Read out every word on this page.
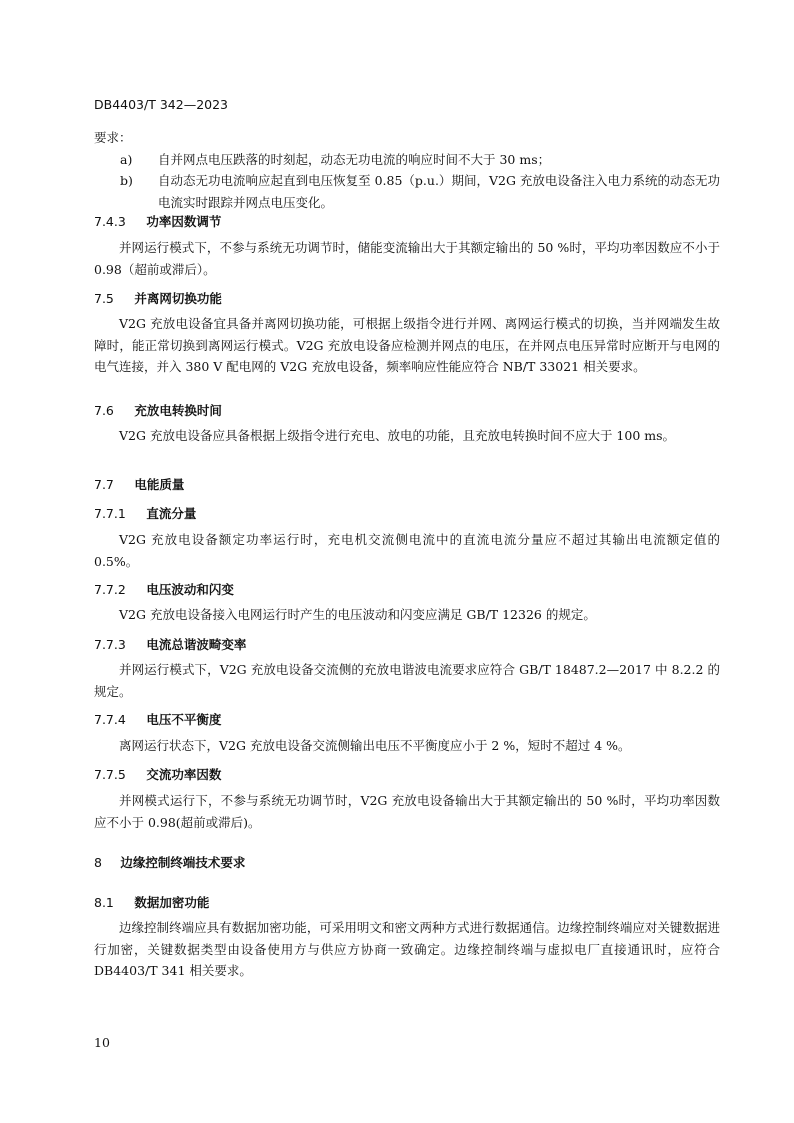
DB4403/T 342—2023

要求：

a)	自并网点电压跌落的时刻起，动态无功电流的响应时间不大于 30 ms；
b)	自动态无功电流响应起直到电压恢复至 0.85（p.u.）期间，V2G 充放电设备注入电力系统的动态无功电流实时跟踪并网点电压变化。
7.4.3 功率因数调节

并网运行模式下，不参与系统无功调节时，储能变流输出大于其额定输出的 50 %时，平均功率因数应不小于 0.98（超前或滞后）。

7.5 并离网切换功能

V2G 充放电设备宜具备并离网切换功能，可根据上级指令进行并网、离网运行模式的切换，当并网端发生故障时，能正常切换到离网运行模式。V2G 充放电设备应检测并网点的电压，在并网点电压异常时应断开与电网的电气连接，并入 380 V 配电网的 V2G 充放电设备，频率响应性能应符合 NB/T 33021 相关要求。

7.6 充放电转换时间

V2G 充放电设备应具备根据上级指令进行充电、放电的功能，且充放电转换时间不应大于 100 ms。

7.7 电能质量
7.7.1 直流分量

V2G 充放电设备额定功率运行时，充电机交流侧电流中的直流电流分量应不超过其输出电流额定值的 0.5%。

7.7.2 电压波动和闪变

V2G 充放电设备接入电网运行时产生的电压波动和闪变应满足 GB/T 12326 的规定。

7.7.3 电流总谐波畸变率

并网运行模式下，V2G 充放电设备交流侧的充放电谐波电流要求应符合 GB/T 18487.2—2017 中 8.2.2 的规定。

7.7.4 电压不平衡度

离网运行状态下，V2G 充放电设备交流侧输出电压不平衡度应小于 2 %，短时不超过 4 %。

7.7.5 交流功率因数

并网模式运行下，不参与系统无功调节时，V2G 充放电设备输出大于其额定输出的 50 %时，平均功率因数应不小于 0.98(超前或滞后)。

8 边缘控制终端技术要求
8.1 数据加密功能

边缘控制终端应具有数据加密功能，可采用明文和密文两种方式进行数据通信。边缘控制终端应对关键数据进行加密，关键数据类型由设备使用方与供应方协商一致确定。边缘控制终端与虚拟电厂直接通讯时，应符合 DB4403/T 341 相关要求。

10
